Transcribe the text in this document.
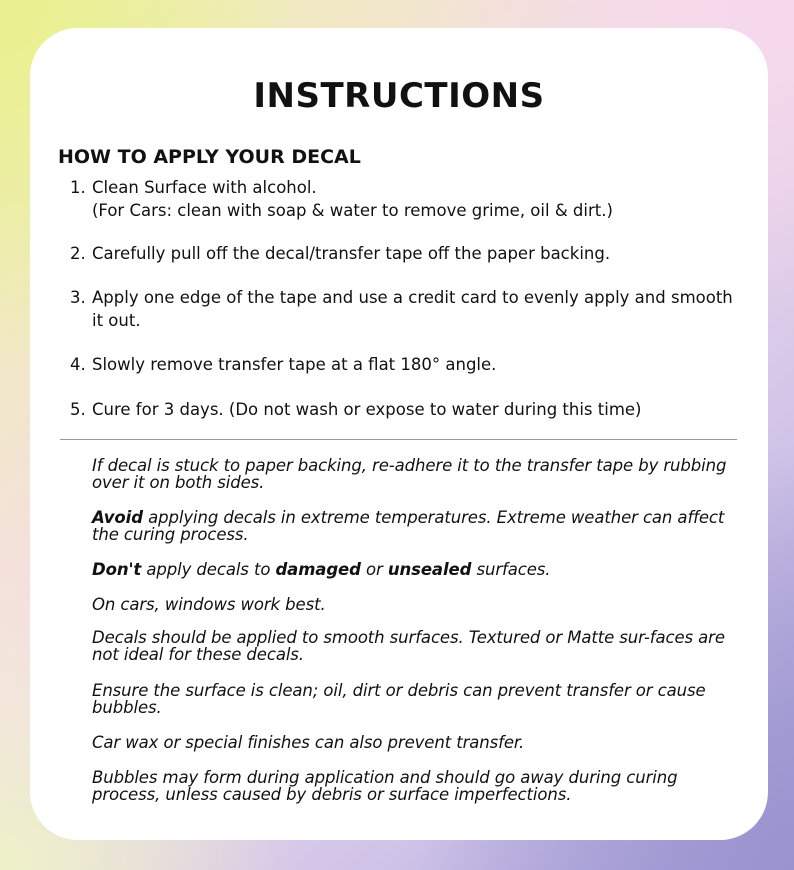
INSTRUCTIONS
HOW TO APPLY YOUR DECAL
1. Clean Surface with alcohol.
(For Cars: clean with soap & water to remove grime, oil & dirt.)
2. Carefully pull off the decal/transfer tape off the paper backing.
3. Apply one edge of the tape and use a credit card to evenly apply and smooth it out.
4. Slowly remove transfer tape at a flat 180° angle.
5. Cure for 3 days. (Do not wash or expose to water during this time)

If decal is stuck to paper backing, re-adhere it to the transfer tape by rubbing over it on both sides.

Avoid applying decals in extreme temperatures. Extreme weather can affect the curing process.

Don't apply decals to damaged or unsealed surfaces.

On cars, windows work best.

Decals should be applied to smooth surfaces. Textured or Matte sur-faces are not ideal for these decals.

Ensure the surface is clean; oil, dirt or debris can prevent transfer or cause bubbles.

Car wax or special finishes can also prevent transfer.

Bubbles may form during application and should go away during curing process, unless caused by debris or surface imperfections.
